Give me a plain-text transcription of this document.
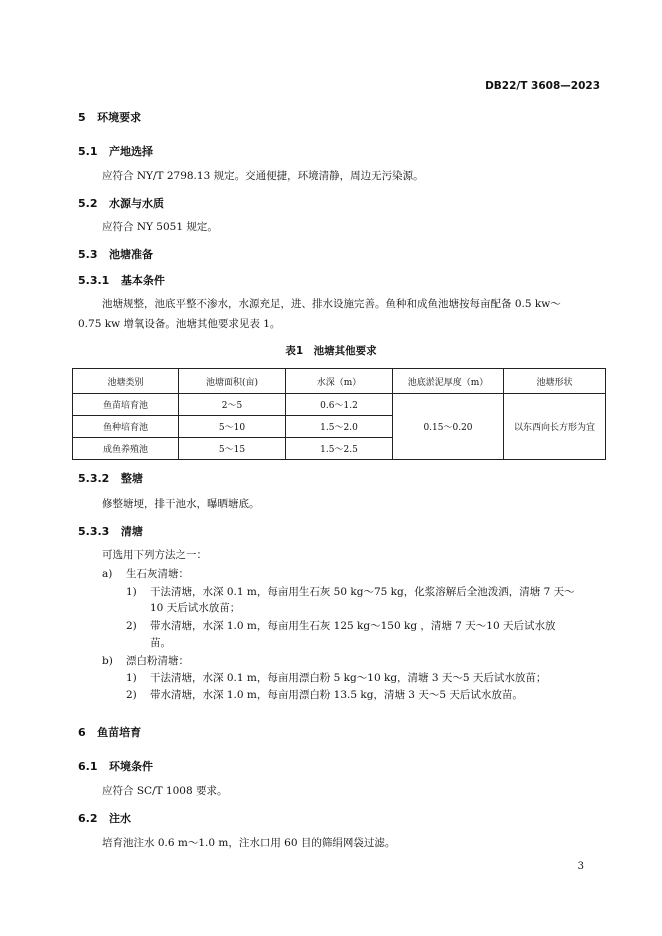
DB22/T 3608—2023
5 环境要求
5.1 产地选择
应符合 NY/T 2798.13 规定。交通便捷，环境清静，周边无污染源。
5.2 水源与水质
应符合 NY 5051 规定。
5.3 池塘准备
5.3.1 基本条件
池塘规整，池底平整不渗水，水源充足，进、排水设施完善。鱼种和成鱼池塘按每亩配备 0.5 kw～
0.75 kw 增氧设备。池塘其他要求见表 1。
表1　池塘其他要求
池塘类别	池塘面积(亩)	水深（m）	池底淤泥厚度（m）	池塘形状
鱼苗培育池	2～5	0.6～1.2	0.15～0.20	以东西向长方形为宜
鱼种培育池	5～10	1.5～2.0		
成鱼养殖池	5～15	1.5～2.5		
5.3.2 整塘
修整塘埂，排干池水，曝晒塘底。
5.3.3 清塘
可选用下列方法之一：
a) 生石灰清塘：
1) 干法清塘，水深 0.1 m，每亩用生石灰 50 kg～75 kg，化浆溶解后全池泼洒，清塘 7 天～
10 天后试水放苗；
2) 带水清塘，水深 1.0 m，每亩用生石灰 125 kg～150 kg ，清塘 7 天～10 天后试水放
苗。
b) 漂白粉清塘：
1) 干法清塘，水深 0.1 m，每亩用漂白粉 5 kg～10 kg，清塘 3 天～5 天后试水放苗；
2) 带水清塘，水深 1.0 m，每亩用漂白粉 13.5 kg，清塘 3 天～5 天后试水放苗。
6 鱼苗培育
6.1 环境条件
应符合 SC/T 1008 要求。
6.2 注水
培育池注水 0.6 m～1.0 m，注水口用 60 目的筛绢网袋过滤。
3
